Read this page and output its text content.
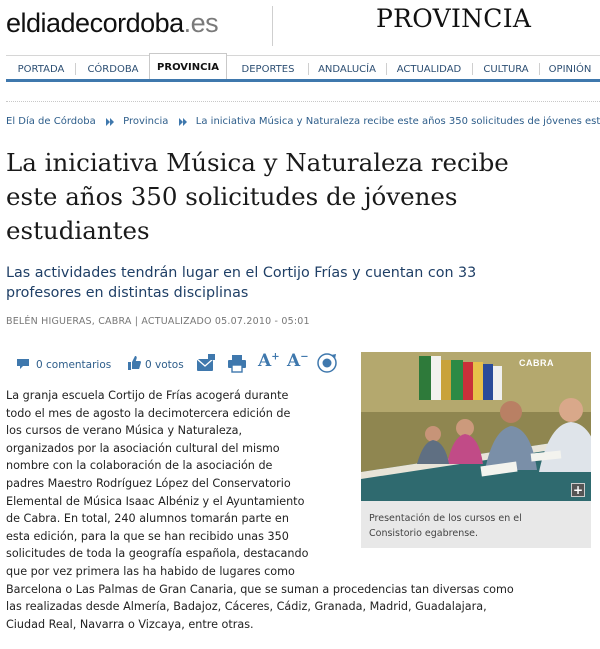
eldiadecordoba.es	PROVINCIA
PORTADA	CÓRDOBA	PROVINCIA	DEPORTES	ANDALUCÍA	ACTUALIDAD	CULTURA	OPINIÓN
El Día de Córdoba	Provincia	La iniciativa Música y Naturaleza recibe este años 350 solicitudes de jóvenes est
La iniciativa Música y Naturaleza recibe
este años 350 solicitudes de jóvenes
estudiantes
Las actividades tendrán lugar en el Cortijo Frías y cuentan con 33
profesores en distintas disciplinas
BELÉN HIGUERAS, CABRA | ACTUALIZADO 05.07.2010 - 05:01
0 comentarios	0 votos	A+ A−
CABRA
+
Presentación de los cursos en el
Consistorio egabrense.
La granja escuela Cortijo de Frías acogerá durante
todo el mes de agosto la decimotercera edición de
los cursos de verano Música y Naturaleza,
organizados por la asociación cultural del mismo
nombre con la colaboración de la asociación de
padres Maestro Rodríguez López del Conservatorio
Elemental de Música Isaac Albéniz y el Ayuntamiento
de Cabra. En total, 240 alumnos tomarán parte en
esta edición, para la que se han recibido unas 350
solicitudes de toda la geografía española, destacando
que por vez primera las ha habido de lugares como
Barcelona o Las Palmas de Gran Canaria, que se suman a procedencias tan diversas como
las realizadas desde Almería, Badajoz, Cáceres, Cádiz, Granada, Madrid, Guadalajara,
Ciudad Real, Navarra o Vizcaya, entre otras.
